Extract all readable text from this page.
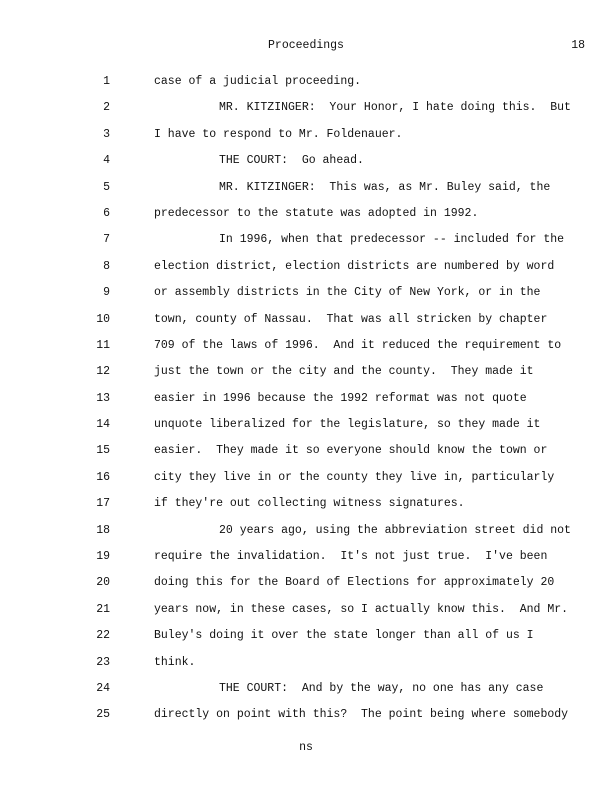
Proceedings	18
1	case of a judicial proceeding.
2	MR. KITZINGER:  Your Honor, I hate doing this.  But
3	I have to respond to Mr. Foldenauer.
4	THE COURT:  Go ahead.
5	MR. KITZINGER:  This was, as Mr. Buley said, the
6	predecessor to the statute was adopted in 1992.
7	In 1996, when that predecessor -- included for the
8	election district, election districts are numbered by word
9	or assembly districts in the City of New York, or in the
10	town, county of Nassau.  That was all stricken by chapter
11	709 of the laws of 1996.  And it reduced the requirement to
12	just the town or the city and the county.  They made it
13	easier in 1996 because the 1992 reformat was not quote
14	unquote liberalized for the legislature, so they made it
15	easier.  They made it so everyone should know the town or
16	city they live in or the county they live in, particularly
17	if they're out collecting witness signatures.
18	20 years ago, using the abbreviation street did not
19	require the invalidation.  It's not just true.  I've been
20	doing this for the Board of Elections for approximately 20
21	years now, in these cases, so I actually know this.  And Mr.
22	Buley's doing it over the state longer than all of us I
23	think.
24	THE COURT:  And by the way, no one has any case
25	directly on point with this?  The point being where somebody
ns
